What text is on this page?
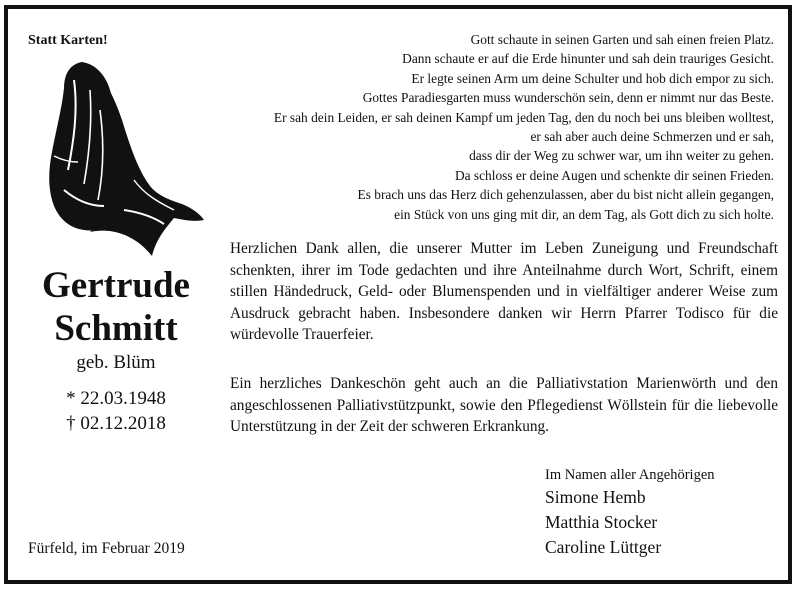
Statt Karten!
Gertrude
Schmitt
geb. Blüm
* 22.03.1948
† 02.12.2018
Gott schaute in seinen Garten und sah einen freien Platz.
Dann schaute er auf die Erde hinunter und sah dein trauriges Gesicht.
Er legte seinen Arm um deine Schulter und hob dich empor zu sich.
Gottes Paradiesgarten muss wunderschön sein, denn er nimmt nur das Beste.
Er sah dein Leiden, er sah deinen Kampf um jeden Tag, den du noch bei uns bleiben wolltest,
er sah aber auch deine Schmerzen und er sah,
dass dir der Weg zu schwer war, um ihn weiter zu gehen.
Da schloss er deine Augen und schenkte dir seinen Frieden.
Es brach uns das Herz dich gehenzulassen, aber du bist nicht allein gegangen,
ein Stück von uns ging mit dir, an dem Tag, als Gott dich zu sich holte.
Herzlichen Dank allen, die unserer Mutter im Leben Zuneigung und Freundschaft schenkten, ihrer im Tode gedachten und ihre Anteilnahme durch Wort, Schrift, einem stillen Händedruck, Geld- oder Blumenspenden und in vielfältiger anderer Weise zum Ausdruck gebracht haben. Insbesondere danken wir Herrn Pfarrer Todisco für die würdevolle Trauerfeier.
Ein herzliches Dankeschön geht auch an die Palliativstation Marienwörth und den angeschlossenen Palliativstützpunkt, sowie den Pflegedienst Wöllstein für die liebevolle Unterstützung in der Zeit der schweren Erkrankung.
Im Namen aller Angehörigen
Simone Hemb
Matthia Stocker
Caroline Lüttger
Fürfeld, im Februar 2019
